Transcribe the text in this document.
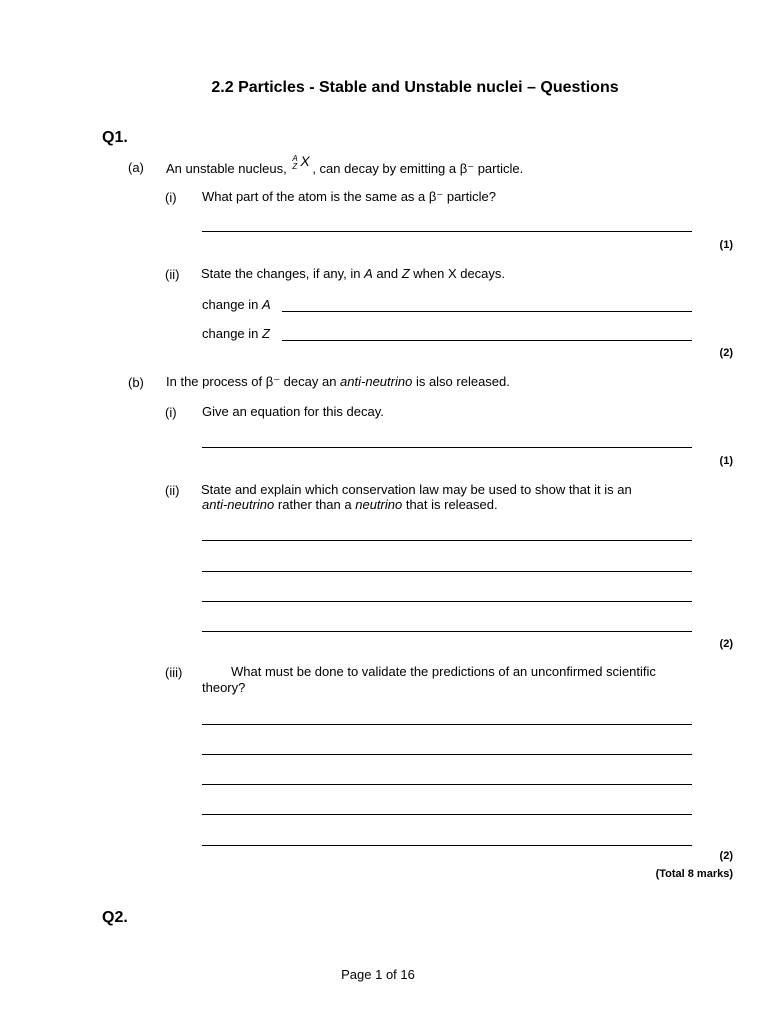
2.2 Particles - Stable and Unstable nuclei – Questions
Q1.
(a) An unstable nucleus,
A
Z X , can decay by emitting a β⁻ particle.
(i) What part of the atom is the same as a β⁻ particle?
(1)
(ii) State the changes, if any, in A and Z when X decays.
change in A
change in Z
(2)
(b) In the process of β⁻ decay an anti-neutrino is also released.
(i) Give an equation for this decay.
(1)
(ii) State and explain which conservation law may be used to show that it is an
anti-neutrino rather than a neutrino that is released.
(2)
(iii)	What must be done to validate the predictions of an unconfirmed scientific
theory?
(2)
(Total 8 marks)
Q2.
Page 1 of 16
